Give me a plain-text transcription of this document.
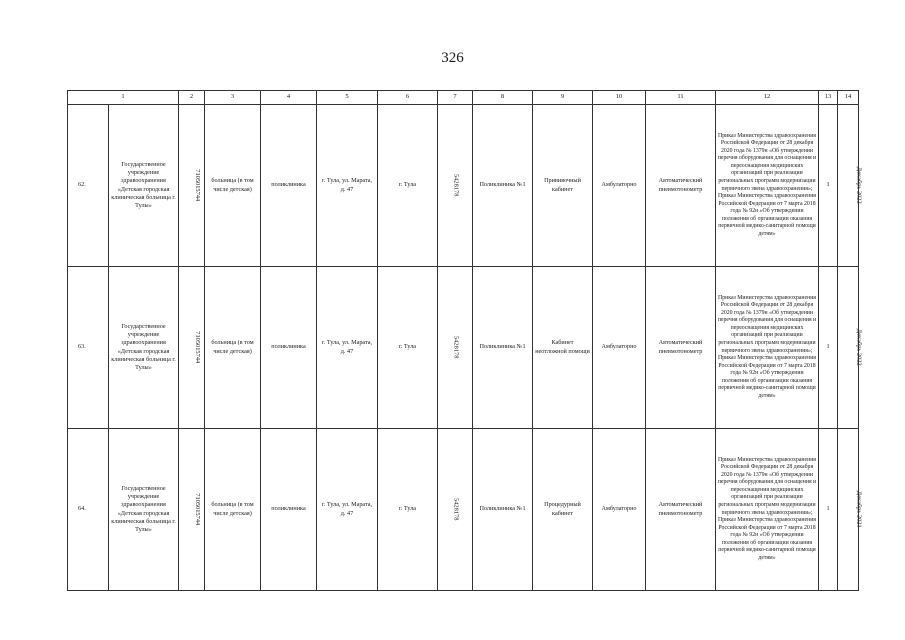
326
1		2	3	4	5	6	7	8	9	10	11	12	13	14
62.	Государственное учреждение здравоохранения «Детская городская клиническая больница г. Тулы»	7105015744	больница (в том числе детская)	поликлиника	г. Тула, ул. Марата, д. 47	г. Тула	5428178	Поликлиника №1	Прививочный кабинет	Амбулаторно	Автоматический пневмотонометр	Приказ Министерства здравоохранения Российской Федерации от 28 декабря 2020 года № 1379н «Об утверждении перечня оборудования для оснащения и переоснащения медицинских организаций при реализации региональных программ модернизации первичного звена здравоохранения»; Приказ Министерства здравоохранения Российской Федерации от 7 марта 2018 года № 92н «Об утверждении положения об организации оказания первичной медико-санитарной помощи детям»	1	Декабрь 2022
63.	Государственное учреждение здравоохранения «Детская городская клиническая больница г. Тулы»	7105015744	больница (в том числе детская)	поликлиника	г. Тула, ул. Марата, д. 47	г. Тула	5428178	Поликлиника №1	Кабинет неотложной помощи	Амбулаторно	Автоматический пневмотонометр	Приказ Министерства здравоохранения Российской Федерации от 28 декабря 2020 года № 1379н «Об утверждении перечня оборудования для оснащения и переоснащения медицинских организаций при реализации региональных программ модернизации первичного звена здравоохранения»; Приказ Министерства здравоохранения Российской Федерации от 7 марта 2018 года № 92н «Об утверждении положения об организации оказания первичной медико-санитарной помощи детям»	1	Декабрь 2022
64.	Государственное учреждение здравоохранения «Детская городская клиническая больница г. Тулы»	7105015744	больница (в том числе детская)	поликлиника	г. Тула, ул. Марата, д. 47	г. Тула	5428178	Поликлиника №1	Процедурный кабинет	Амбулаторно	Автоматический пневмотонометр	Приказ Министерства здравоохранения Российской Федерации от 28 декабря 2020 года № 1379н «Об утверждении перечня оборудования для оснащения и переоснащения медицинских организаций при реализации региональных программ модернизации первичного звена здравоохранения»; Приказ Министерства здравоохранения Российской Федерации от 7 марта 2018 года № 92н «Об утверждении положения об организации оказания первичной медико-санитарной помощи детям»	1	Декабрь 2021
